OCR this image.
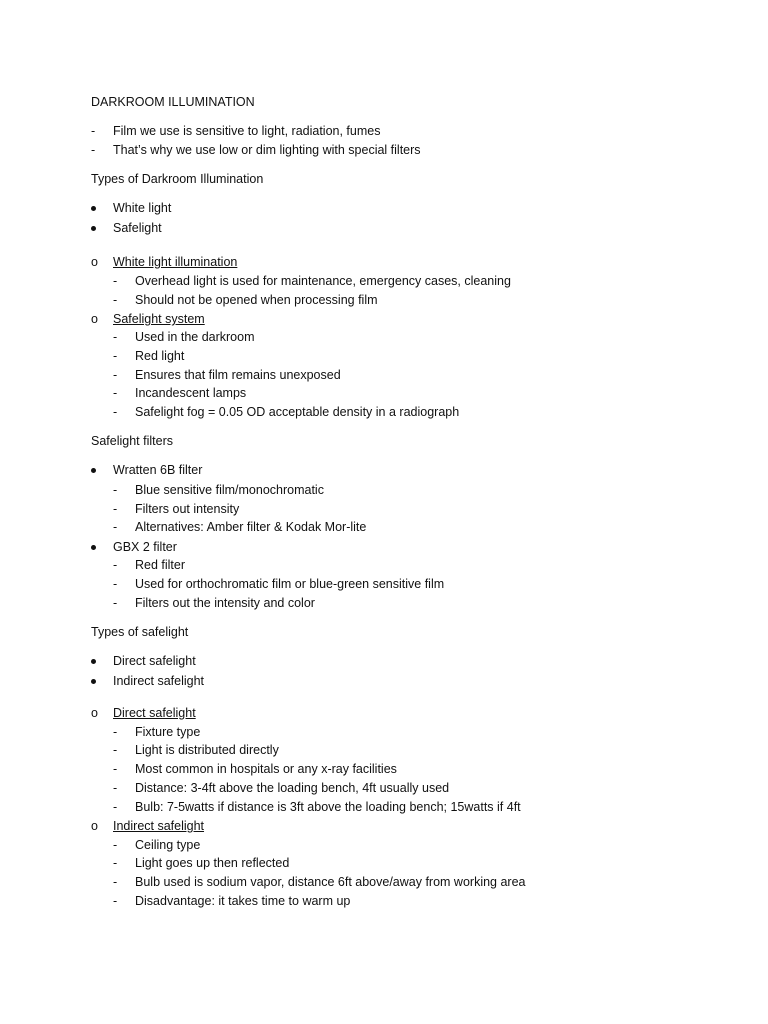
DARKROOM ILLUMINATION
- Film we use is sensitive to light, radiation, fumes
- That’s why we use low or dim lighting with special filters
Types of Darkroom Illumination
White light
Safelight
o White light illumination
- Overhead light is used for maintenance, emergency cases, cleaning
- Should not be opened when processing film
o Safelight system
- Used in the darkroom
- Red light
- Ensures that film remains unexposed
- Incandescent lamps
- Safelight fog = 0.05 OD acceptable density in a radiograph
Safelight filters
Wratten 6B filter
- Blue sensitive film/monochromatic
- Filters out intensity
- Alternatives: Amber filter & Kodak Mor-lite
GBX 2 filter
- Red filter
- Used for orthochromatic film or blue-green sensitive film
- Filters out the intensity and color
Types of safelight
Direct safelight
Indirect safelight
o Direct safelight
- Fixture type
- Light is distributed directly
- Most common in hospitals or any x-ray facilities
- Distance: 3-4ft above the loading bench, 4ft usually used
- Bulb: 7-5watts if distance is 3ft above the loading bench; 15watts if 4ft
o Indirect safelight
- Ceiling type
- Light goes up then reflected
- Bulb used is sodium vapor, distance 6ft above/away from working area
- Disadvantage: it takes time to warm up
